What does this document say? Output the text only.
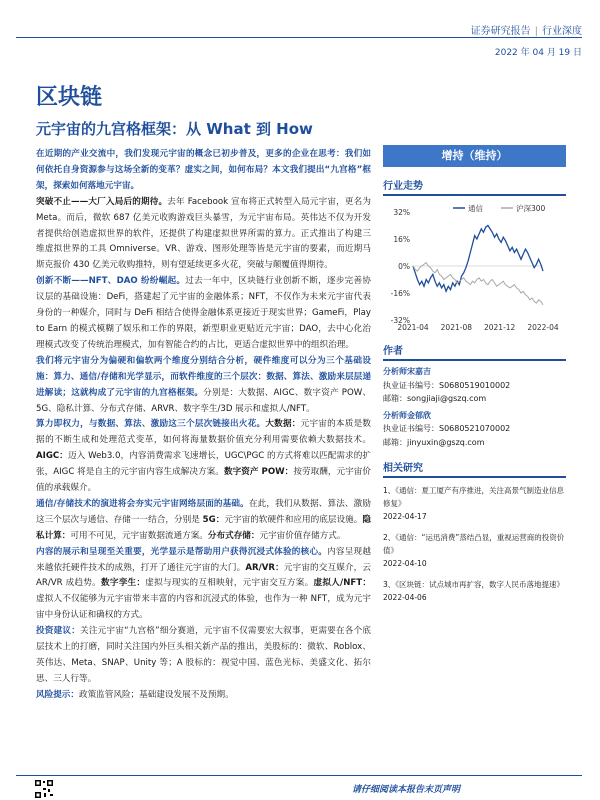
证券研究报告 | 行业深度
2022 年 04 月 19 日
区块链
元宇宙的九宫格框架：从 What 到 How

在近期的产业交流中，我们发现元宇宙的概念已初步普及，更多的企业在思考：我们如何依托自身资源参与这场全新的变革？虚实之间，如何布局？本文我们提出“九宫格”框架，探索如何落地元宇宙。

突破不止——大厂入局后的期待。去年 Facebook 宣布将正式转型入局元宇宙，更名为 Meta。而后，微软 687 亿美元收购游戏巨头暴雪，为元宇宙布局。英伟达不仅为开发者提供给创造虚拟世界的软件，还提供了构建虚拟世界所需的算力。正式推出了构建三维虚拟世界的工具 Omniverse。VR、游戏、图形处理等皆是元宇宙的要素，而近期马斯克报价 430 亿美元收购推特，则有望延续更多火花，突破与颠覆值得期待。

创新不断——NFT、DAO 纷纷崛起。过去一年中，区块链行业创新不断，逐步完善协议层的基础设施：DeFi，搭建起了元宇宙的金融体系；NFT，不仅作为未来元宇宙代表身份的一种媒介，同时与 DeFi 相结合使得金融体系更接近于现实世界；GameFi，Play to Earn 的模式模糊了娱乐和工作的界限，新型职业更贴近元宇宙；DAO，去中心化治理模式改变了传统治理模式，加有智能合约的占比，更适合虚拟世界中的组织治理。

我们将元宇宙分为偏硬和偏软两个维度分别结合分析，硬件维度可以分为三个基础设施：算力、通信/存储和光学显示，而软件维度的三个层次：数据、算法、激励来层层递进解读；这就构成了元宇宙的九宫格框架。分别是：大数据、AIGC、数字资产 POW、5G、隐私计算、分布式存储、ARVR、数字孪生/3D 展示和虚拟人/NFT。

算力即权力，与数据、算法、激励这三个层次链接出火花。大数据：元宇宙的本质是数据的不断生成和处理范式变革，如何将海量数据价值充分利用需要依赖大数据技术。AIGC：迈入 Web3.0，内容消费需求飞速增长，UGC\PGC 的方式将难以匹配需求的扩张，AIGC 将是自主的元宇宙内容生成解决方案。数字资产 POW：按劳取酬，元宇宙价值的承载媒介。

通信/存储技术的演进将会夯实元宇宙网络层面的基础。在此，我们从数据、算法、激励这三个层次与通信、存储一一结合，分别是 5G：元宇宙的软硬件和应用的底层设施。隐私计算：可用不可见，元宇宙数据流通方案。分布式存储：元宇宙价值存储方式。

内容的展示和呈现至关重要，光学显示是帮助用户获得沉浸式体验的核心。内容呈现越来越依托硬件技术的成熟，打开了通往元宇宙的大门。AR/VR：元宇宙的交互媒介，云 AR/VR 成趋势。数字孪生：虚拟与现实的互相映射，元宇宙交互方案。虚拟人/NFT：虚拟人不仅能够为元宇宙带来丰富的内容和沉浸式的体验，也作为一种 NFT，成为元宇宙中身份认证和确权的方式。

投资建议：关注元宇宙“九宫格”细分赛道，元宇宙不仅需要宏大叙事，更需要在各个底层技术上的打磨，同时关注国内外巨头相关新产品的推出，美股标的：微软、Roblox、英伟达、Meta、SNAP、Unity 等；A 股标的：视觉中国、蓝色光标、美盛文化、拓尔思、三人行等。

风险提示：政策监管风险；基础建设发展不及预期。

增持（维持）
行业走势
32%
16%
0%
-16%
-32%
2021-04 2021-08 2021-12 2022-04
通信	沪深300
作者
分析师宋嘉吉
执业证书编号：S0680519010002
邮箱：songjiaji@gszq.com
分析师金郁欣
执业证书编号：S0680521070002
邮箱：jinyuxin@gszq.com
相关研究
1、《通信：夏工厦产有序推进，关注高景气制造业信息修复》
2022-04-17
2、《通信：“运迅消费”蒸结凸显，重视运营商的投资价值》
2022-04-10
3、《区块链：试点城市再扩容，数字人民币落地提速》
2022-04-06
请仔细阅读本报告末页声明
